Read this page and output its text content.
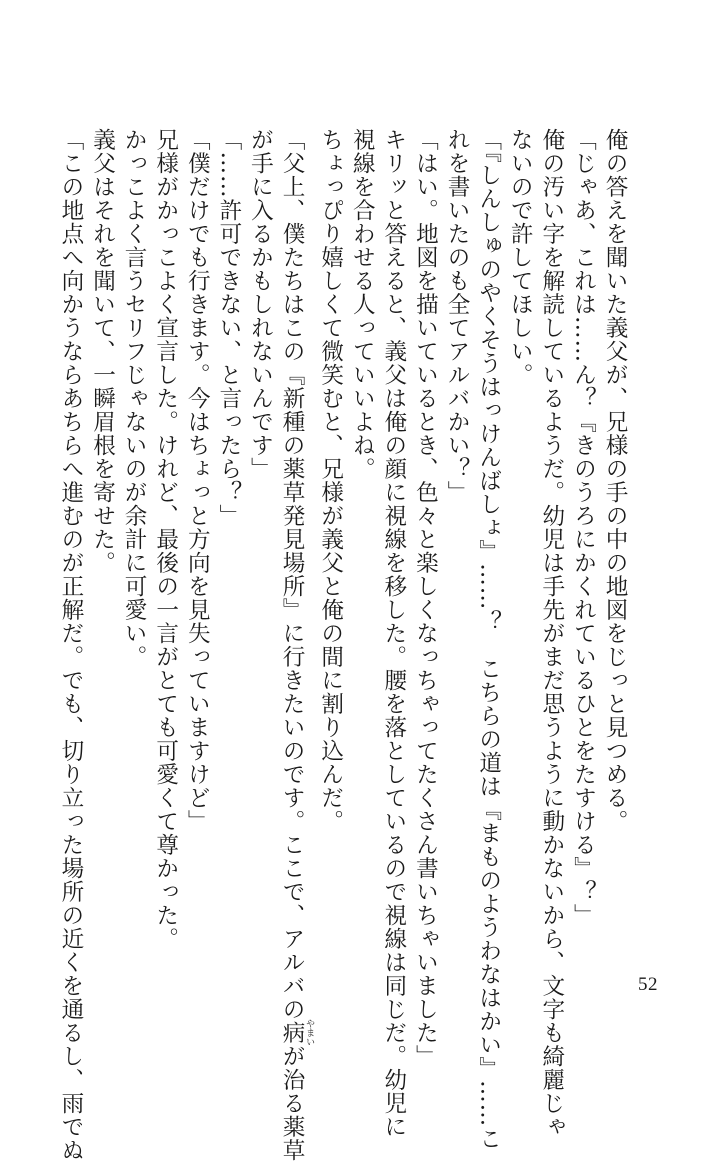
俺の答えを聞いた義父が、兄様の手の中の地図をじっと見つめる。
「じゃあ、これは……ん？『きのうろにかくれているひとをたすける』？」
俺の汚い字を解読しているようだ。幼児は手先がまだ思うように動かないから、文字も綺麗じゃ
ないので許してほしい。
「『しんしゅのやくそうはっけんばしょ』……？　こちらの道は『まものようわなはかい』……こ
れを書いたのも全てアルバかい？」
「はい。地図を描いているとき、色々と楽しくなっちゃってたくさん書いちゃいました」
キリッと答えると、義父は俺の顔に視線を移した。腰を落としているので視線は同じだ。幼児に
視線を合わせる人っていいよね。
ちょっぴり嬉しくて微笑むと、兄様が義父と俺の間に割り込んだ。
「父上、僕たちはこの『新種の薬草発見場所』に行きたいのです。ここで、アルバの病 やまいが治る薬草
が手に入るかもしれないんです」
「……許可できない、と言ったら？」
「僕だけでも行きます。今はちょっと方向を見失っていますけど」
兄様がかっこよく宣言した。けれど、最後の一言がとても可愛くて尊かった。
かっこよく言うセリフじゃないのが余計に可愛い。
義父はそれを聞いて、一瞬眉根を寄せた。
「この地点へ向かうならあちらへ進むのが正解だ。でも、切り立った場所の近くを通るし、雨でぬ	52
